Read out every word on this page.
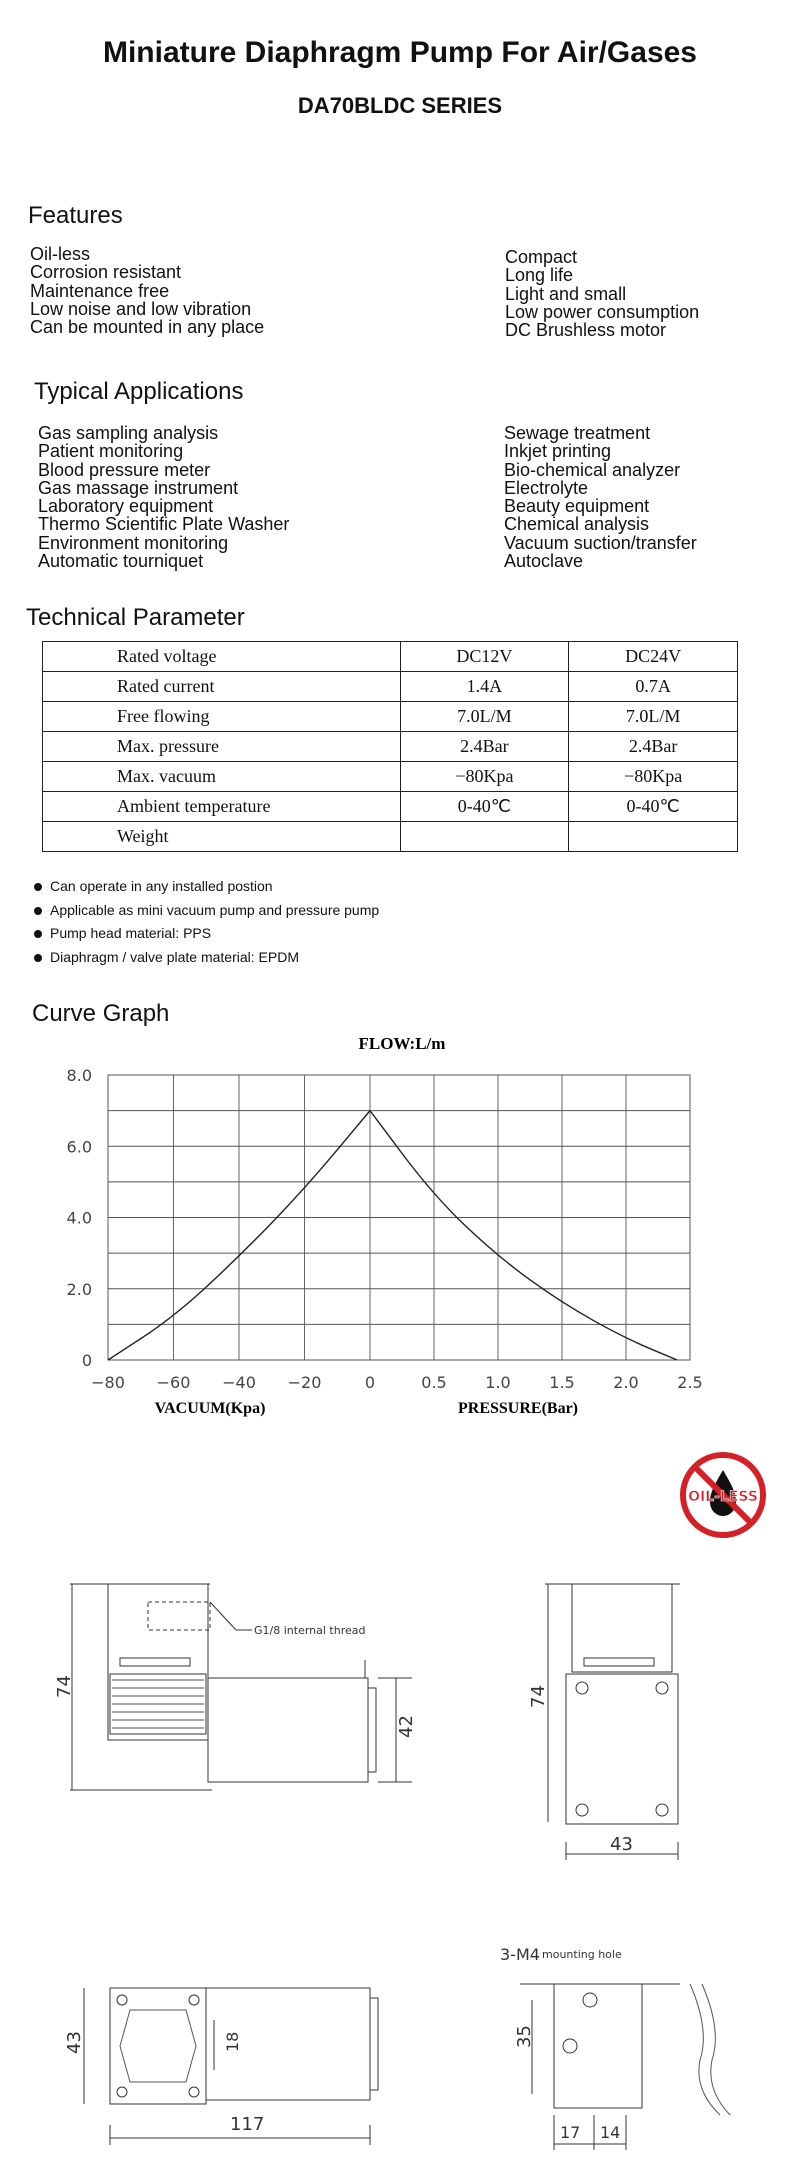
Miniature Diaphragm Pump For Air/Gases
DA70BLDC SERIES
Features
Oil-less
Corrosion resistant
Maintenance free
Low noise and low vibration
Can be mounted in any place
Compact
Long life
Light and small
Low power consumption
DC Brushless motor
Typical Applications
Gas sampling analysis
Patient monitoring
Blood pressure meter
Gas massage instrument
Laboratory equipment
Thermo Scientific Plate Washer
Environment monitoring
Automatic tourniquet
Sewage treatment
Inkjet printing
Bio-chemical analyzer
Electrolyte
Beauty equipment
Chemical analysis
Vacuum suction/transfer
Autoclave
Technical Parameter
Rated voltage	DC12V	DC24V
Rated current	1.4A	0.7A
Free flowing	7.0L/M	7.0L/M
Max. pressure	2.4Bar	2.4Bar
Max. vacuum	−80Kpa	−80Kpa
Ambient temperature	0-40℃	0-40℃
Weight		
Can operate in any installed postion
Applicable as mini vacuum pump and pressure pump
Pump head material: PPS
Diaphragm / valve plate material: EPDM
Curve Graph
FLOW:L/m
0
2.0
4.0
6.0
8.0
−80 −60 −40 −20	0	0.5 1.0 1.5 2.0 2.5
VACUUM(Kpa)	PRESSURE(Bar)
OIL-LESS
G1/8 internal thread
74
42
74
43
3-M4 mounting hole
43	18
117
35
17 14
